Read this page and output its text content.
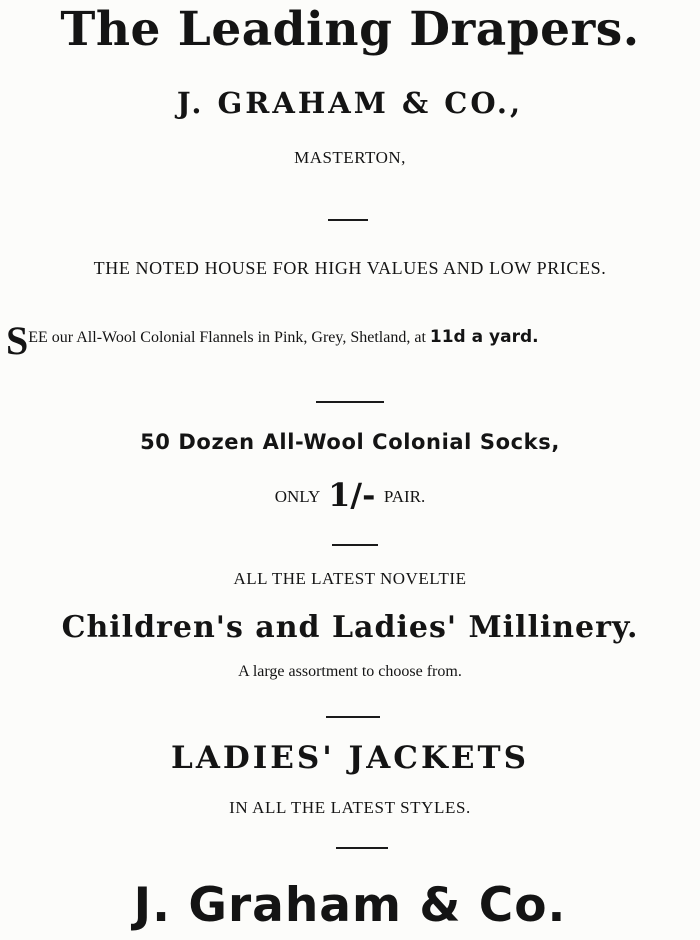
The Leading Drapers.
J. GRAHAM & CO.,
MASTERTON,
THE NOTED HOUSE FOR HIGH VALUES AND LOW PRICES.
SEE our All-Wool Colonial Flannels in Pink, Grey, Shetland, at 11d a yard.
50 Dozen All-Wool Colonial Socks,
ONLY 1/- PAIR.
ALL THE LATEST NOVELTIE
Children's and Ladies' Millinery.
A large assortment to choose from.
LADIES' JACKETS
IN ALL THE LATEST STYLES.
J. Graham & Co.
